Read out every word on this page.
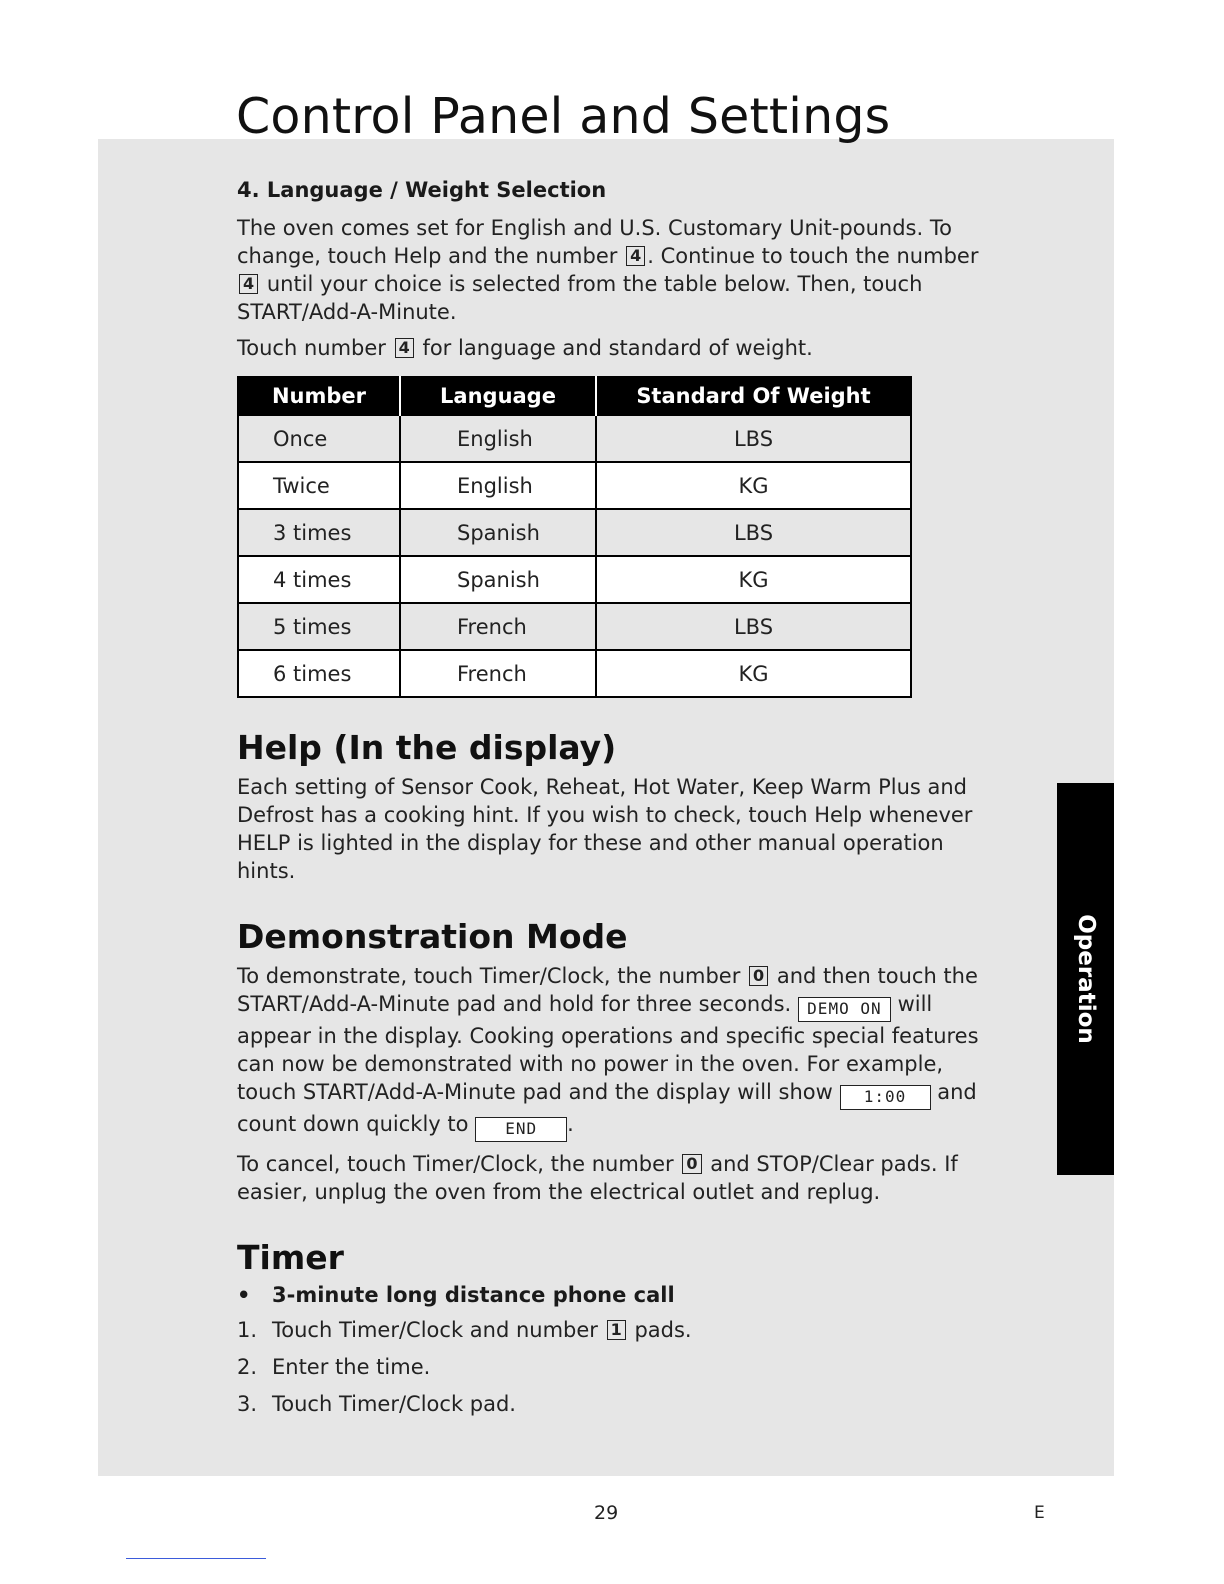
Control Panel and Settings
Operation
4. Language / Weight Selection

The oven comes set for English and U.S. Customary Unit-pounds. To change, touch Help and the number 4 . Continue to touch the number 4 until your choice is selected from the table below. Then, touch START/Add-A-Minute.

Touch number 4 for language and standard of weight.

Number	Language	Standard Of Weight
Once	English	LBS
Twice	English	KG
3 times	Spanish	LBS
4 times	Spanish	KG
5 times	French	LBS
6 times	French	KG
Help (In the display)

Each setting of Sensor Cook, Reheat, Hot Water, Keep Warm Plus and Defrost has a cooking hint. If you wish to check, touch Help whenever HELP is lighted in the display for these and other manual operation hints.

Demonstration Mode

To demonstrate, touch Timer/Clock, the number 0 and then touch the START/Add-A-Minute pad and hold for three seconds. DEMO ON will appear in the display. Cooking operations and specific special features can now be demonstrated with no power in the oven. For example, touch START/Add-A-Minute pad and the display will show 1:00 and count down quickly to END .

To cancel, touch Timer/Clock, the number 0 and STOP/Clear pads. If easier, unplug the oven from the electrical outlet and replug.

Timer
•	3-minute long distance phone call
1. Touch Timer/Clock and number 1 pads.
2. Enter the time.
3. Touch Timer/Clock pad.
29	E
